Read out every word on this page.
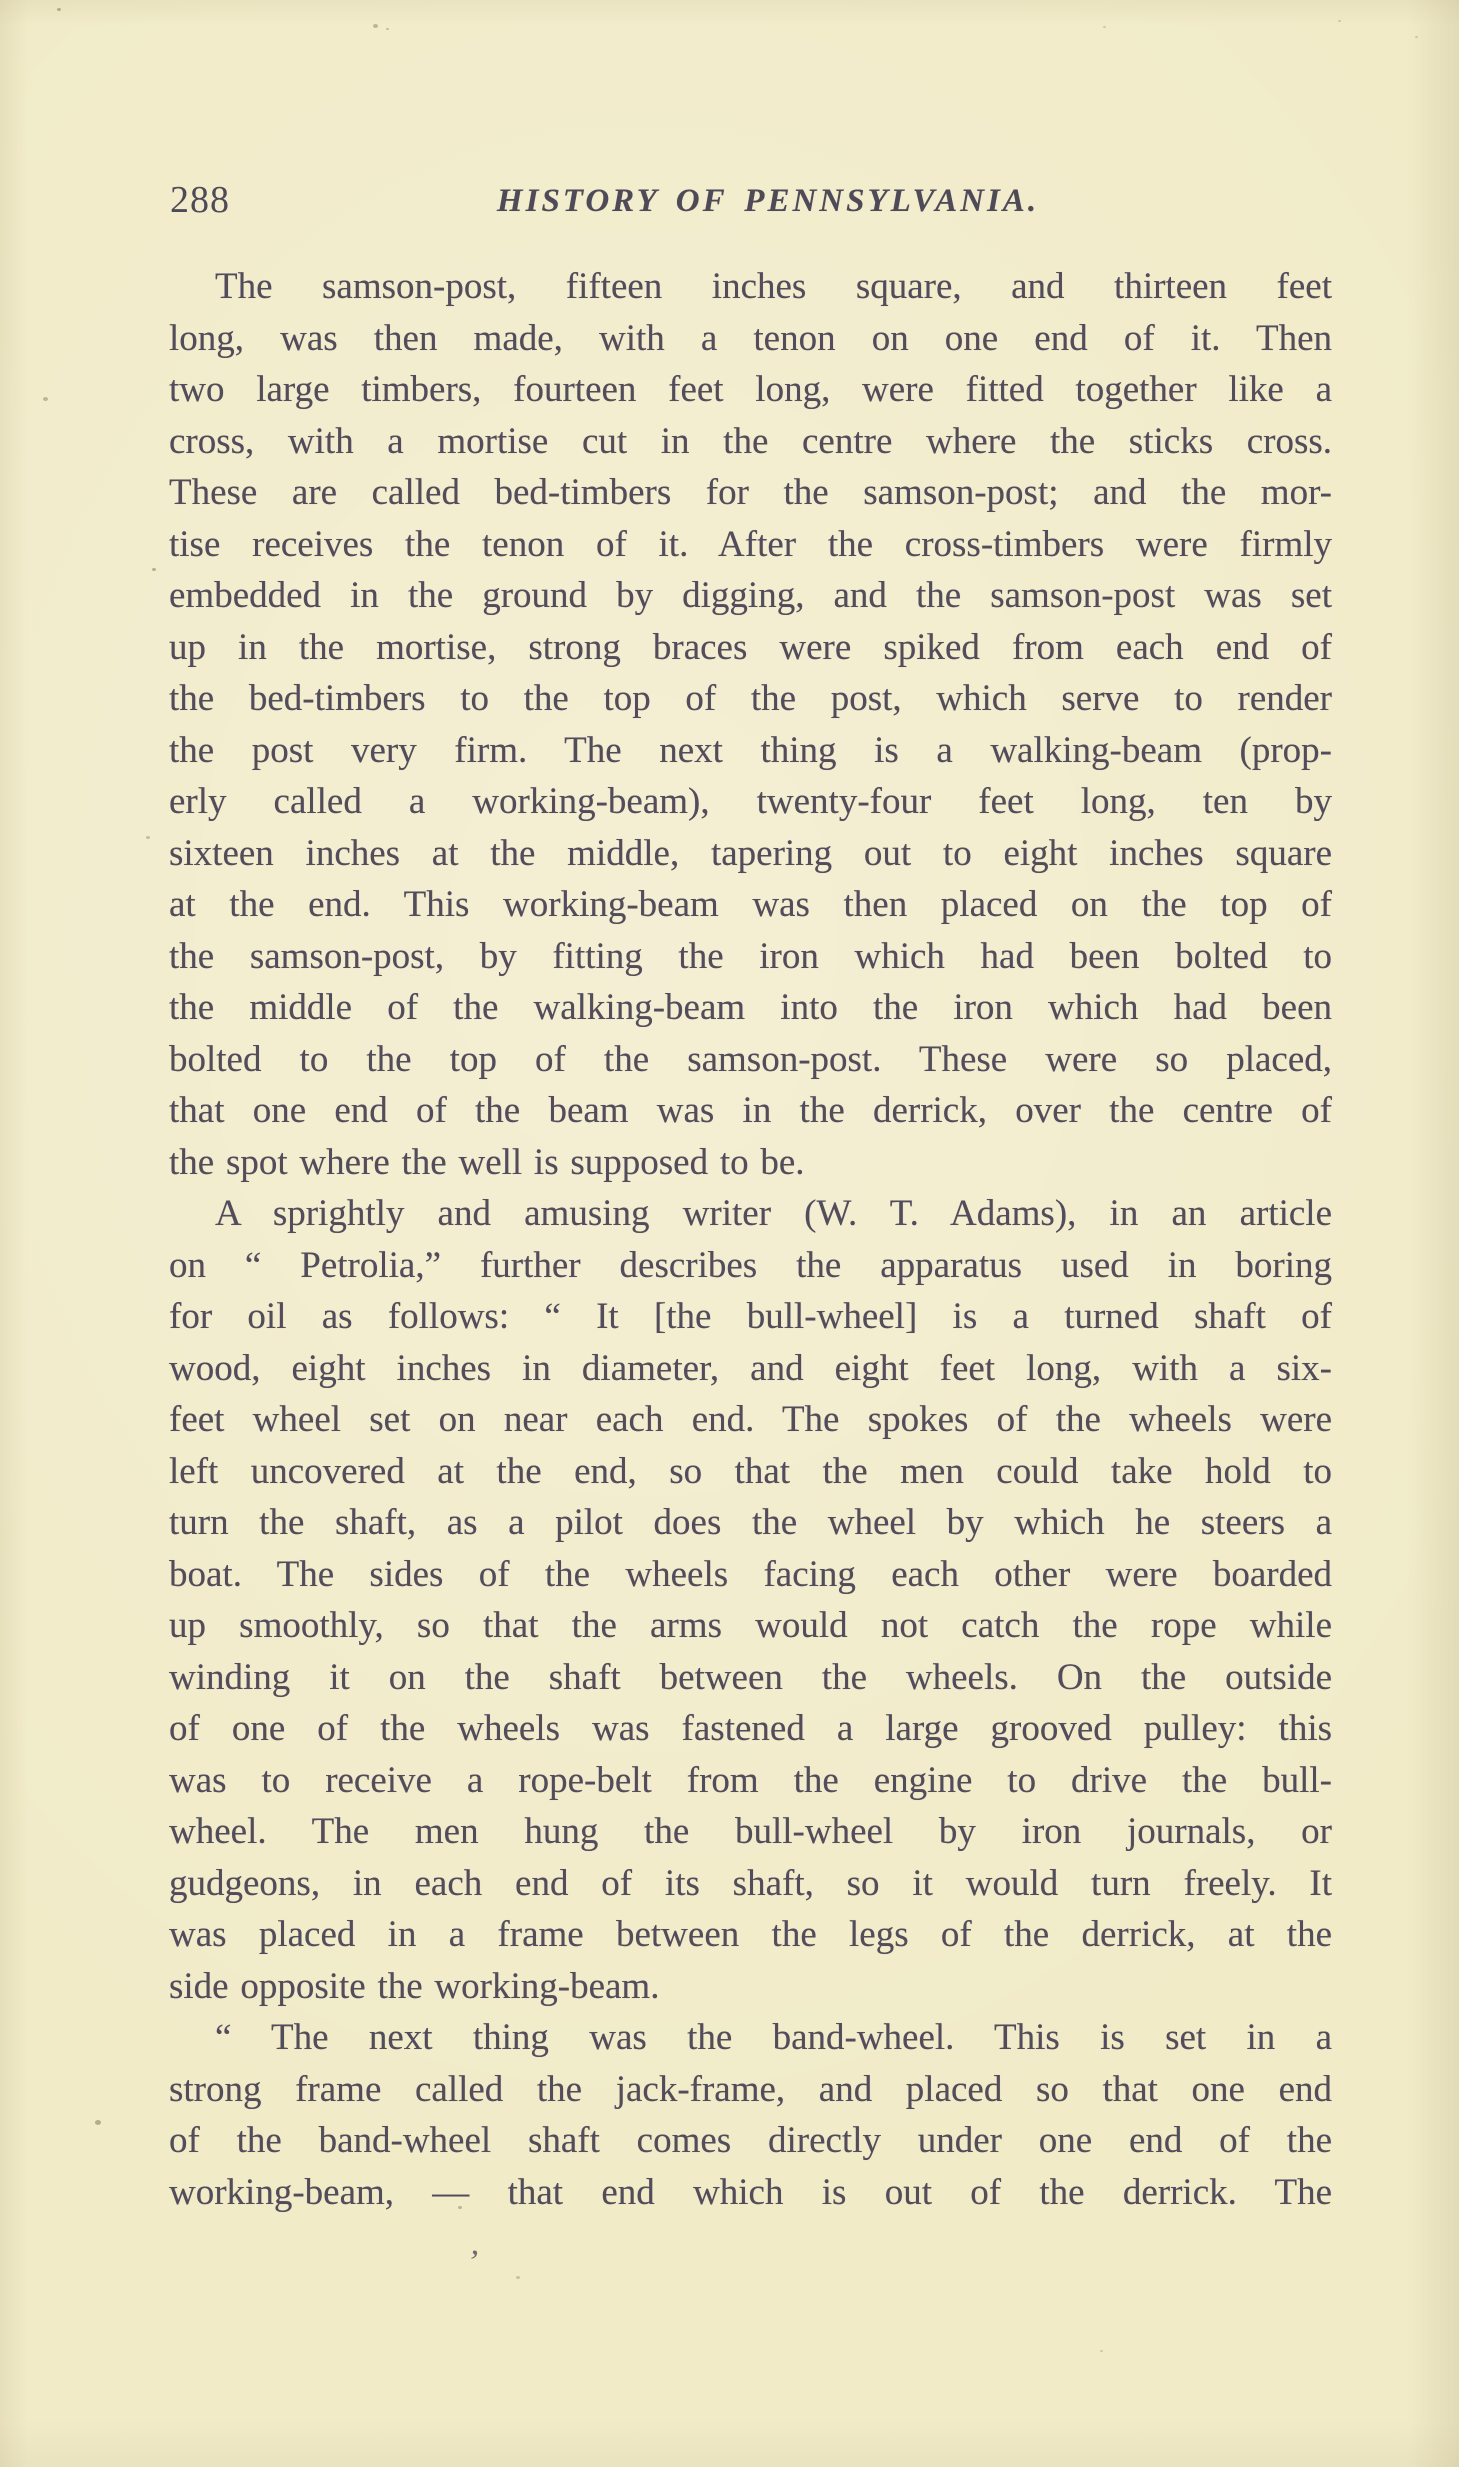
288	HISTORY OF PENNSYLVANIA.
The samson-post, fifteen inches square, and thirteen feet
long, was then made, with a tenon on one end of it. Then
two large timbers, fourteen feet long, were fitted together like a
cross, with a mortise cut in the centre where the sticks cross.
These are called bed-timbers for the samson-post; and the mor-
tise receives the tenon of it. After the cross-timbers were firmly
embedded in the ground by digging, and the samson-post was set
up in the mortise, strong braces were spiked from each end of
the bed-timbers to the top of the post, which serve to render
the post very firm. The next thing is a walking-beam (prop-
erly called a working-beam), twenty-four feet long, ten by
sixteen inches at the middle, tapering out to eight inches square
at the end. This working-beam was then placed on the top of
the samson-post, by fitting the iron which had been bolted to
the middle of the walking-beam into the iron which had been
bolted to the top of the samson-post. These were so placed,
that one end of the beam was in the derrick, over the centre of
the spot where the well is supposed to be.
A sprightly and amusing writer (W. T. Adams), in an article
on “ Petrolia,” further describes the apparatus used in boring
for oil as follows: “ It [the bull-wheel] is a turned shaft of
wood, eight inches in diameter, and eight feet long, with a six-
feet wheel set on near each end. The spokes of the wheels were
left uncovered at the end, so that the men could take hold to
turn the shaft, as a pilot does the wheel by which he steers a
boat. The sides of the wheels facing each other were boarded
up smoothly, so that the arms would not catch the rope while
winding it on the shaft between the wheels. On the outside
of one of the wheels was fastened a large grooved pulley: this
was to receive a rope-belt from the engine to drive the bull-
wheel. The men hung the bull-wheel by iron journals, or
gudgeons, in each end of its shaft, so it would turn freely. It
was placed in a frame between the legs of the derrick, at the
side opposite the working-beam.
“ The next thing was the band-wheel. This is set in a
strong frame called the jack-frame, and placed so that one end
of the band-wheel shaft comes directly under one end of the
working-beam, — that end which is out of the derrick. The
’
